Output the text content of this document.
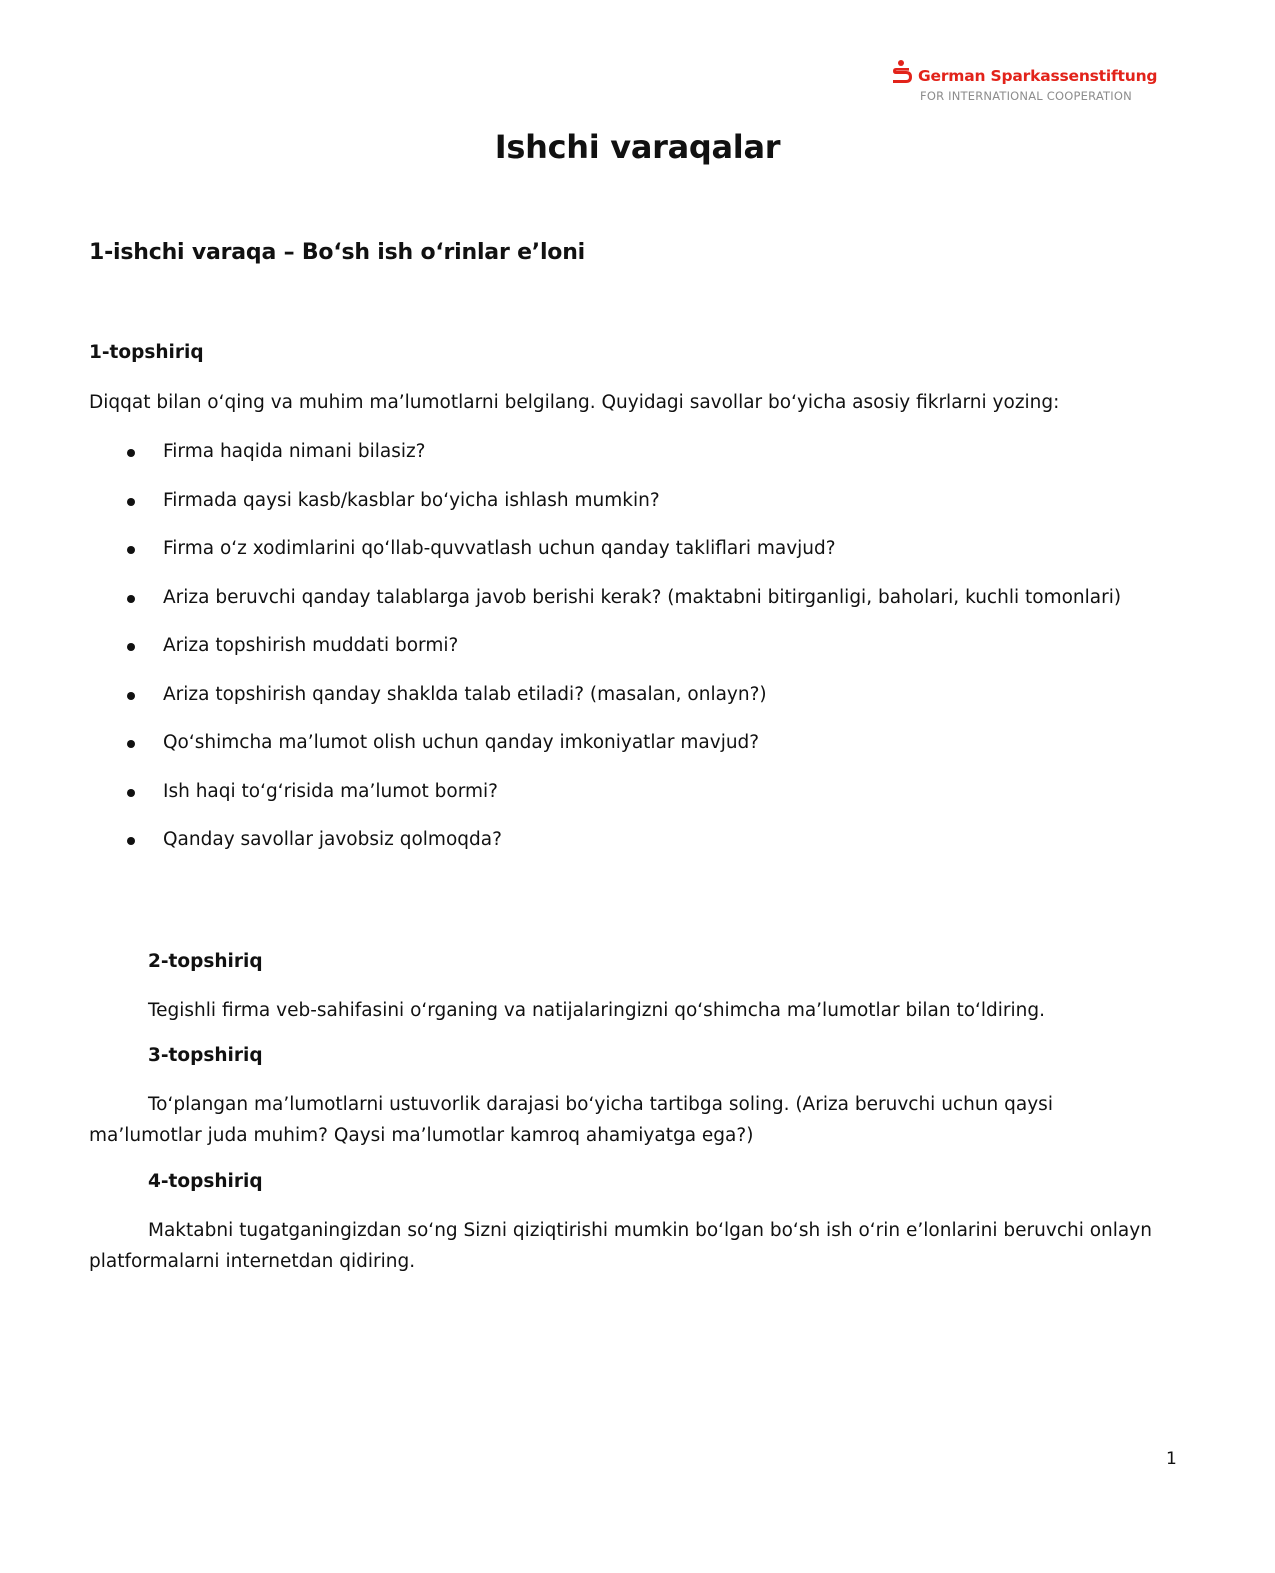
German Sparkassenstiftung
FOR INTERNATIONAL COOPERATION
Ishchi varaqalar
1-ishchi varaqa – Boʻsh ish oʻrinlar e’loni
1-topshiriq

Diqqat bilan oʻqing va muhim ma’lumotlarni belgilang. Quyidagi savollar boʻyicha asosiy fikrlarni yozing:

Firma haqida nimani bilasiz?
Firmada qaysi kasb/kasblar boʻyicha ishlash mumkin?
Firma oʻz xodimlarini qoʻllab-quvvatlash uchun qanday takliflari mavjud?
Ariza beruvchi qanday talablarga javob berishi kerak? (maktabni bitirganligi, baholari, kuchli tomonlari)
Ariza topshirish muddati bormi?
Ariza topshirish qanday shaklda talab etiladi? (masalan, onlayn?)
Qoʻshimcha ma’lumot olish uchun qanday imkoniyatlar mavjud?
Ish haqi toʻgʻrisida ma’lumot bormi?
Qanday savollar javobsiz qolmoqda?
2-topshiriq

Tegishli firma veb-sahifasini oʻrganing va natijalaringizni qoʻshimcha ma’lumotlar bilan toʻldiring.

3-topshiriq

Toʻplangan ma’lumotlarni ustuvorlik darajasi boʻyicha tartibga soling. (Ariza beruvchi uchun qaysi ma’lumotlar juda muhim? Qaysi ma’lumotlar kamroq ahamiyatga ega?)

4-topshiriq

Maktabni tugatganingizdan soʻng Sizni qiziqtirishi mumkin boʻlgan boʻsh ish oʻrin e’lonlarini beruvchi onlayn platformalarni internetdan qidiring.

1
